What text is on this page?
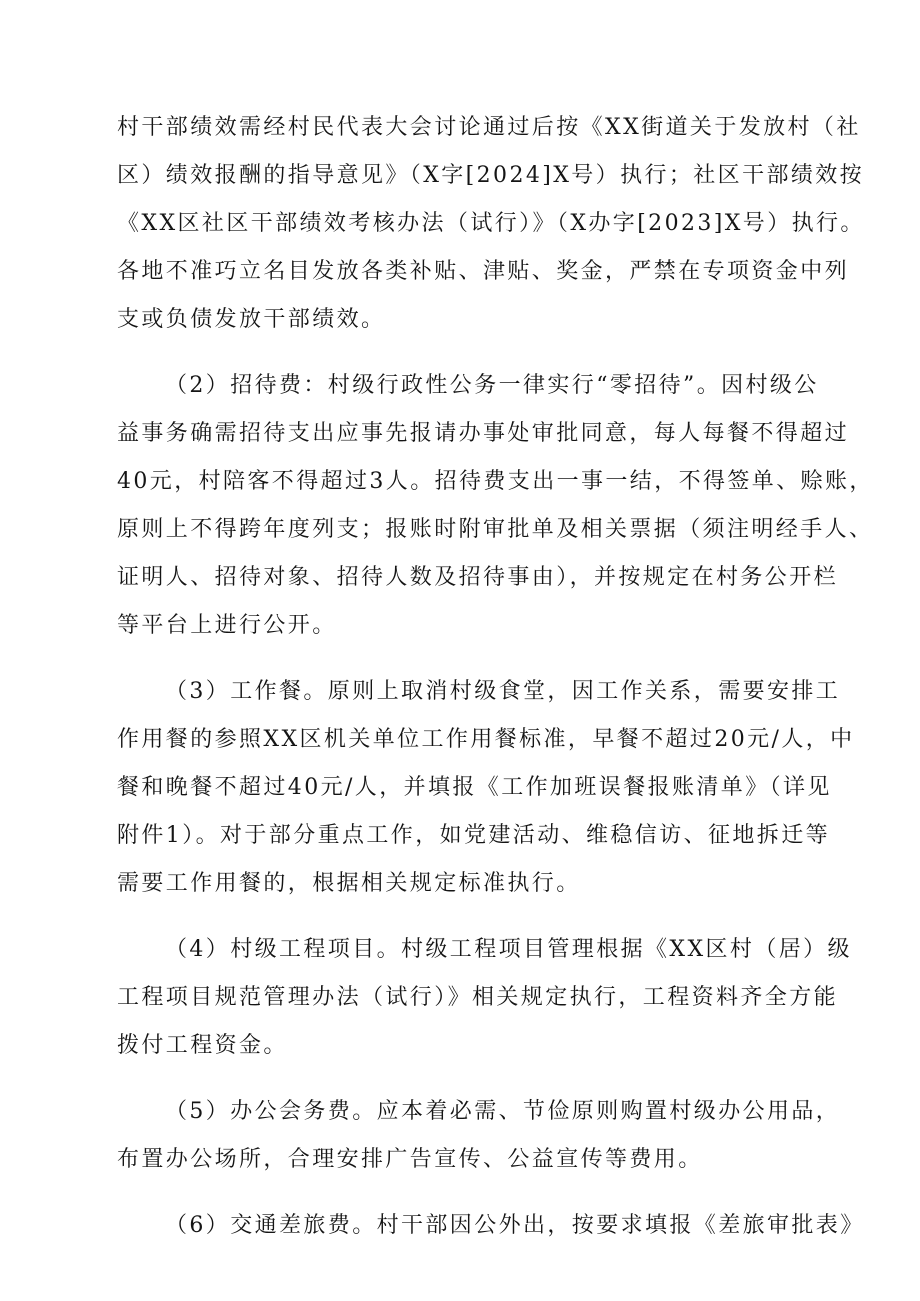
村干部绩效需经村民代表大会讨论通过后按《XX街道关于发放村（社
区）绩效报酬的指导意见》（X字[2024]X号）执行；社区干部绩效按
《XX区社区干部绩效考核办法（试行）》（X办字[2023]X号）执行。
各地不准巧立名目发放各类补贴、津贴、奖金，严禁在专项资金中列
支或负债发放干部绩效。

（2）招待费：村级行政性公务一律实行“零招待”。因村级公
益事务确需招待支出应事先报请办事处审批同意，每人每餐不得超过
40元，村陪客不得超过3人。招待费支出一事一结，不得签单、赊账，
原则上不得跨年度列支；报账时附审批单及相关票据（须注明经手人、
证明人、招待对象、招待人数及招待事由），并按规定在村务公开栏
等平台上进行公开。

（3）工作餐。原则上取消村级食堂，因工作关系，需要安排工
作用餐的参照XX区机关单位工作用餐标准，早餐不超过20元/人，中
餐和晚餐不超过40元/人，并填报《工作加班误餐报账清单》（详见
附件1）。对于部分重点工作，如党建活动、维稳信访、征地拆迁等
需要工作用餐的，根据相关规定标准执行。

（4）村级工程项目。村级工程项目管理根据《XX区村（居）级
工程项目规范管理办法（试行）》相关规定执行，工程资料齐全方能
拨付工程资金。

（5）办公会务费。应本着必需、节俭原则购置村级办公用品，
布置办公场所，合理安排广告宣传、公益宣传等费用。

（6）交通差旅费。村干部因公外出，按要求填报《差旅审批表》
